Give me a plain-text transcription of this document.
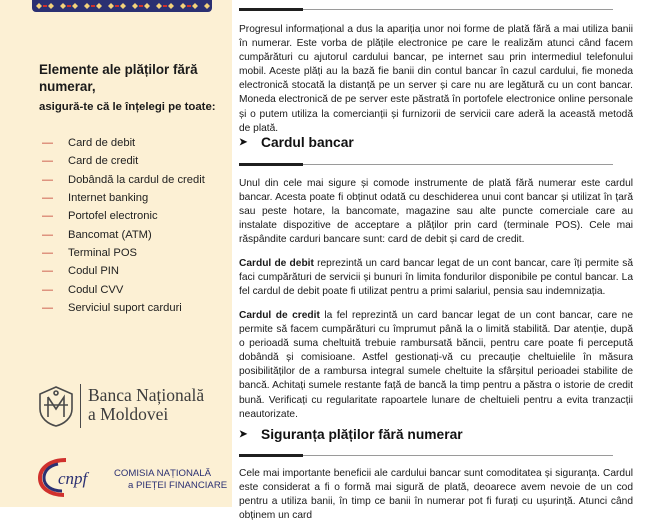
Elemente ale plăților fără numerar,
asigură-te că le înțelegi pe toate:
—	Card de debit
—	Card de credit
—	Dobândă la cardul de credit
—	Internet banking
—	Portofel electronic
—	Bancomat (ATM)
—	Terminal POS
—	Codul PIN
—	Codul CVV
—	Serviciul suport carduri
Banca Națională
a Moldovei
cnpf	COMISIA NAȚIONALĂ
a PIEȚEI FINANCIARE

Progresul informațional a dus la apariția unor noi forme de plată fără a mai utiliza banii în numerar. Este vorba de plățile electronice pe care le realizăm atunci când facem cumpărături cu ajutorul cardului bancar, pe internet sau prin intermediul telefonului mobil. Aceste plăți au la bază fie banii din contul bancar în cazul cardului, fie moneda electronică stocată la distanță pe un server și care nu are legătură cu un cont bancar. Moneda electronică de pe server este păstrată în portofele electronice online personale și o putem utiliza la comercianții și furnizorii de servicii care aderă la această metodă de plată.

➤ Cardul bancar

Unul din cele mai sigure și comode instrumente de plată fără numerar este cardul bancar. Acesta poate fi obținut odată cu deschiderea unui cont bancar și utilizat în țară sau peste hotare, la bancomate, magazine sau alte puncte comerciale care au instalate dispozitive de acceptare a plăților prin card (terminale POS). Cele mai răspândite carduri bancare sunt: card de debit și card de credit.

Cardul de debit reprezintă un card bancar legat de un cont bancar, care îți permite să faci cumpărături de servicii și bunuri în limita fondurilor disponibile pe contul bancar. La fel cardul de debit poate fi utilizat pentru a primi salariul, pensia sau indemnizația.

Cardul de credit la fel reprezintă un card bancar legat de un cont bancar, care ne permite să facem cumpărături cu împrumut până la o limită stabilită. Dar atenție, după o perioadă suma cheltuită trebuie rambursată băncii, pentru care poate fi percepută dobândă și comisioane. Astfel gestionați-vă cu precauție cheltuielile în măsura posibilităților de a rambursa integral sumele cheltuite la sfârșitul perioadei stabilite de bancă. Achitați sumele restante față de bancă la timp pentru a păstra o istorie de credit bună. Verificați cu regularitate rapoartele lunare de cheltuieli pentru a evita tranzacții neautorizate.

➤ Siguranța plăților fără numerar

Cele mai importante beneficii ale cardului bancar sunt comoditatea și siguranța. Cardul este considerat a fi o formă mai sigură de plată, deoarece avem nevoie de un cod pentru a utiliza banii, în timp ce banii în numerar pot fi furați cu ușurință. Atunci când obținem un card
